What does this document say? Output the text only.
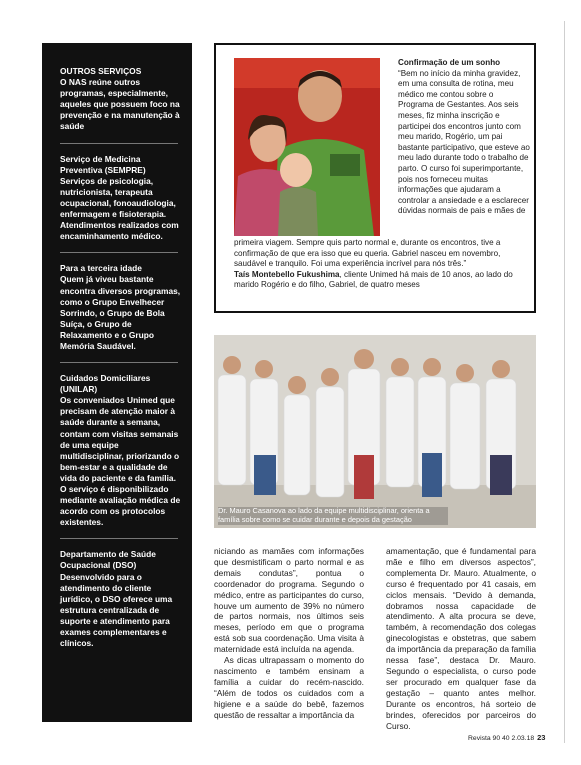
OUTROS SERVIÇOS
O NAS reúne outros programas, especialmente, aqueles que possuem foco na prevenção e na manutenção à saúde
Serviço de Medicina Preventiva (SEMPRE)
Serviços de psicologia, nutricionista, terapeuta ocupacional, fonoaudiologia, enfermagem e fisioterapia. Atendimentos realizados com encaminhamento médico.
Para a terceira idade
Quem já viveu bastante encontra diversos programas, como o Grupo Envelhecer Sorrindo, o Grupo de Bola Suíça, o Grupo de Relaxamento e o Grupo Memória Saudável.
Cuidados Domiciliares (UNILAR)
Os conveniados Unimed que precisam de atenção maior à saúde durante a semana, contam com visitas semanais de uma equipe multidisciplinar, priorizando o bem-estar e a qualidade de vida do paciente e da família. O serviço é disponibilizado mediante avaliação médica de acordo com os protocolos existentes.
Departamento de Saúde Ocupacional (DSO)
Desenvolvido para o atendimento do cliente jurídico, o DSO oferece uma estrutura centralizada de suporte e atendimento para exames complementares e clínicos.
Confirmação de um sonho
“Bem no início da minha gravidez, em uma consulta de rotina, meu médico me contou sobre o Programa de Gestantes. Aos seis meses, fiz minha inscrição e participei dos encontros junto com meu marido, Rogério, um pai bastante participativo, que esteve ao meu lado durante todo o trabalho de parto. O curso foi superimportante, pois nos forneceu muitas informações que ajudaram a controlar a ansiedade e a esclarecer dúvidas normais de pais e mães de
primeira viagem. Sempre quis parto normal e, durante os encontros, tive a confirmação de que era isso que eu queria. Gabriel nasceu em novembro, saudável e tranquilo. Foi uma experiência incrível para nós três.”
Taís Montebello Fukushima, cliente Unimed há mais de 10 anos, ao lado do marido Rogério e do filho, Gabriel, de quatro meses
Dr. Mauro Casanova ao lado da equipe multidisciplinar, orienta a família sobre como se cuidar durante e depois da gestação

niciando as mamães com informações que desmistificam o parto normal e as demais condutas”, pontua o coordenador do programa. Segundo o médico, entre as participantes do curso, houve um aumento de 39% no número de partos normais, nos últimos seis meses, período em que o programa está sob sua coordenação. Uma visita à maternidade está incluída na agenda.

As dicas ultrapassam o momento do nascimento e também ensinam a família a cuidar do recém-nascido. “Além de todos os cuidados com a higiene e a saúde do bebê, fazemos questão de ressaltar a importância da

amamentação, que é fundamental para mãe e filho em diversos aspectos”, complementa Dr. Mauro. Atualmente, o curso é frequentado por 41 casais, em ciclos mensais. “Devido à demanda, dobramos nossa capacidade de atendimento. A alta procura se deve, também, à recomendação dos colegas ginecologistas e obstetras, que sabem da importância da preparação da família nessa fase”, destaca Dr. Mauro. Segundo o especialista, o curso pode ser procurado em qualquer fase da gestação – quanto antes melhor. Durante os encontros, há sorteio de brindes, oferecidos por parceiros do Curso.

Revista 90 40 2.03.18 23
